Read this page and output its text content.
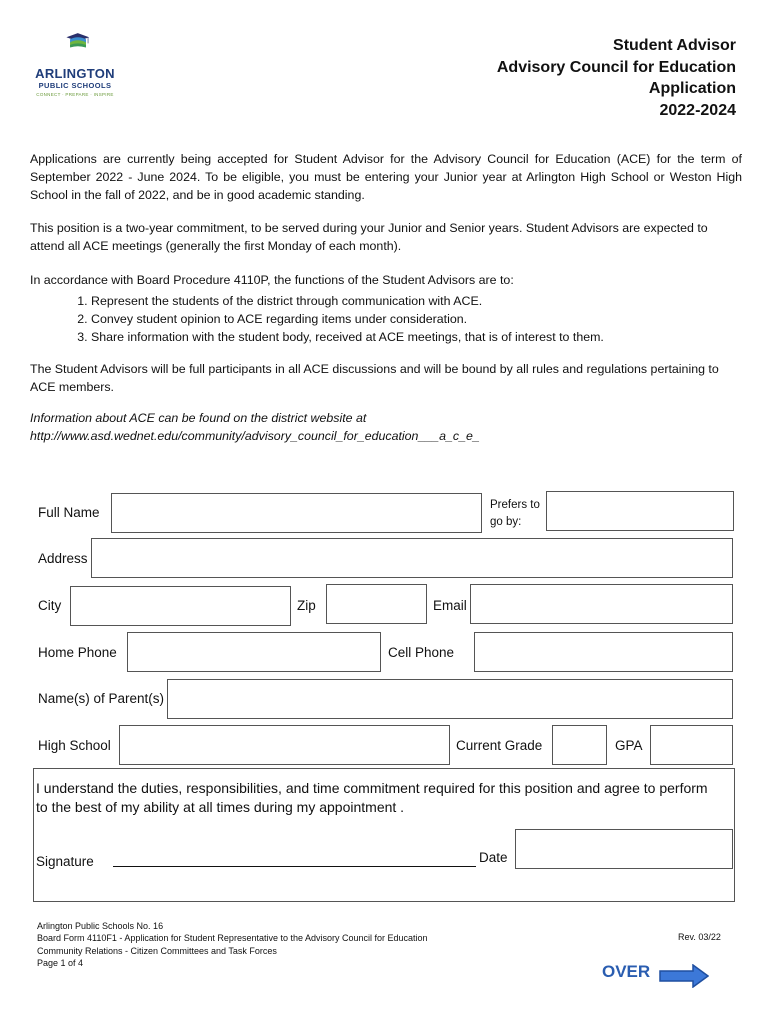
ARLINGTON
PUBLIC SCHOOLS
CONNECT · PREPARE · INSPIRE
Student Advisor
Advisory Council for Education
Application
2022-2024
Applications are currently being accepted for Student Advisor for the Advisory Council for Education (ACE) for the term of September 2022 - June 2024. To be eligible, you must be entering your Junior year at Arlington High School or Weston High School in the fall of 2022, and be in good academic standing.
This position is a two-year commitment, to be served during your Junior and Senior years. Student Advisors are expected to attend all ACE meetings (generally the first Monday of each month).
In accordance with Board Procedure 4110P, the functions of the Student Advisors are to:
1. Represent the students of the district through communication with ACE.
2. Convey student opinion to ACE regarding items under consideration.
3. Share information with the student body, received at ACE meetings, that is of interest to them.
The Student Advisors will be full participants in all ACE discussions and will be bound by all rules and regulations pertaining to ACE members.
Information about ACE can be found on the district website at
http://www.asd.wednet.edu/community/advisory_council_for_education___a_c_e_
Full Name	Prefers to
go by:
Address
City	Zip	Email
Home Phone	Cell Phone
Name(s) of Parent(s)
High School	Current Grade	GPA
I understand the duties, responsibilities, and time commitment required for this position and agree to perform
to the best of my ability at all times during my appointment .
Signature	Date
Arlington Public Schools No. 16
Board Form 4110F1 - Application for Student Representative to the Advisory Council for Education
Community Relations - Citizen Committees and Task Forces
Page 1 of 4
Rev. 03/22
OVER
